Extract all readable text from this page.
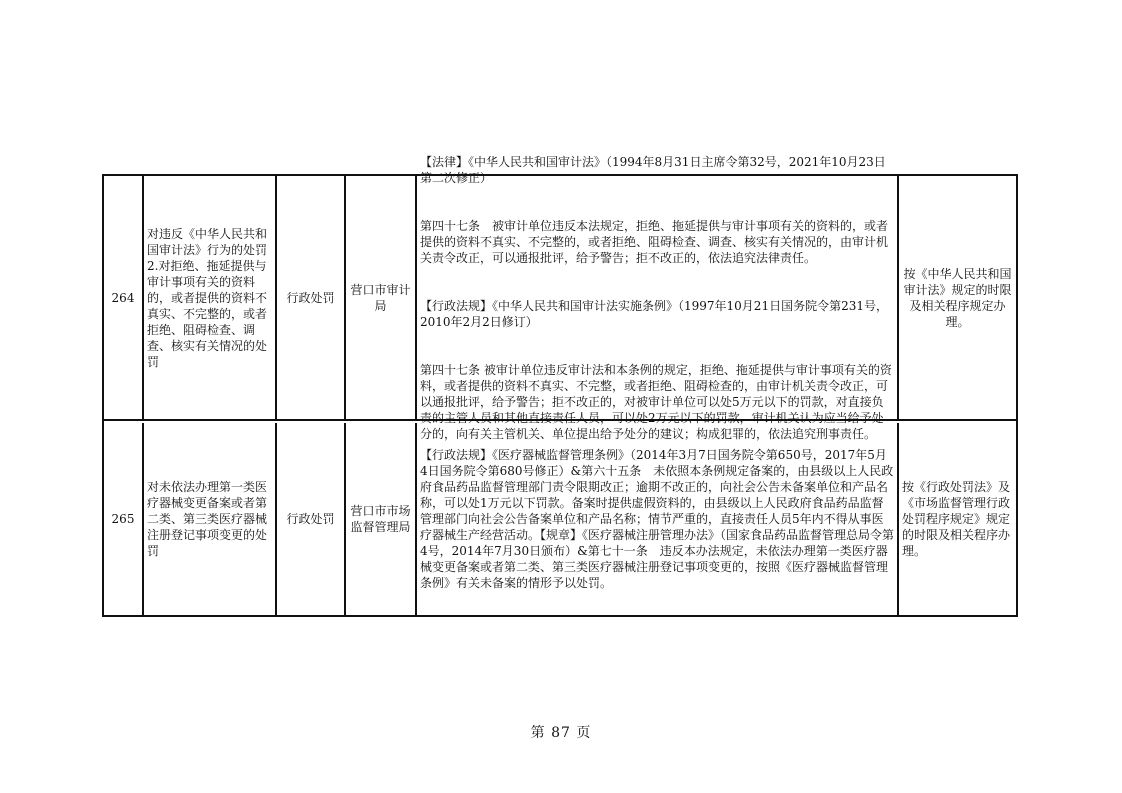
264
对违反《中华人民共和国审计法》行为的处罚　2.对拒绝、拖延提供与审计事项有关的资料的，或者提供的资料不真实、不完整的，或者拒绝、阻碍检查、调查、核实有关情况的处罚
行政处罚
营口市审计局

【法律】《中华人民共和国审计法》（1994年8月31日主席令第32号，2021年10月23日第二次修正）

第四十七条　被审计单位违反本法规定，拒绝、拖延提供与审计事项有关的资料的，或者提供的资料不真实、不完整的，或者拒绝、阻碍检查、调查、核实有关情况的，由审计机关责令改正，可以通报批评，给予警告；拒不改正的，依法追究法律责任。

【行政法规】《中华人民共和国审计法实施条例》（1997年10月21日国务院令第231号，2010年2月2日修订）

第四十七条 被审计单位违反审计法和本条例的规定，拒绝、拖延提供与审计事项有关的资料，或者提供的资料不真实、不完整，或者拒绝、阻碍检查的，由审计机关责令改正，可以通报批评，给予警告；拒不改正的，对被审计单位可以处5万元以下的罚款，对直接负责的主管人员和其他直接责任人员，可以处2万元以下的罚款，审计机关认为应当给予处分的，向有关主管机关、单位提出给予处分的建议；构成犯罪的，依法追究刑事责任。

按《中华人民共和国审计法》规定的时限及相关程序规定办理。
265
对未依法办理第一类医疗器械变更备案或者第二类、第三类医疗器械注册登记事项变更的处罚
行政处罚
营口市市场监督管理局

【行政法规】《医疗器械监督管理条例》（2014年3月7日国务院令第650号，2017年5月4日国务院令第680号修正）&第六十五条　未依照本条例规定备案的，由县级以上人民政府食品药品监督管理部门责令限期改正；逾期不改正的，向社会公告未备案单位和产品名称，可以处1万元以下罚款。备案时提供虚假资料的，由县级以上人民政府食品药品监督管理部门向社会公告备案单位和产品名称；情节严重的，直接责任人员5年内不得从事医疗器械生产经营活动。【规章】《医疗器械注册管理办法》（国家食品药品监督管理总局令第4号，2014年7月30日颁布）&第七十一条　违反本办法规定，未依法办理第一类医疗器械变更备案或者第二类、第三类医疗器械注册登记事项变更的，按照《医疗器械监督管理条例》有关未备案的情形予以处罚。

按《行政处罚法》及《市场监督管理行政处罚程序规定》规定的时限及相关程序办理。
第 87 页
